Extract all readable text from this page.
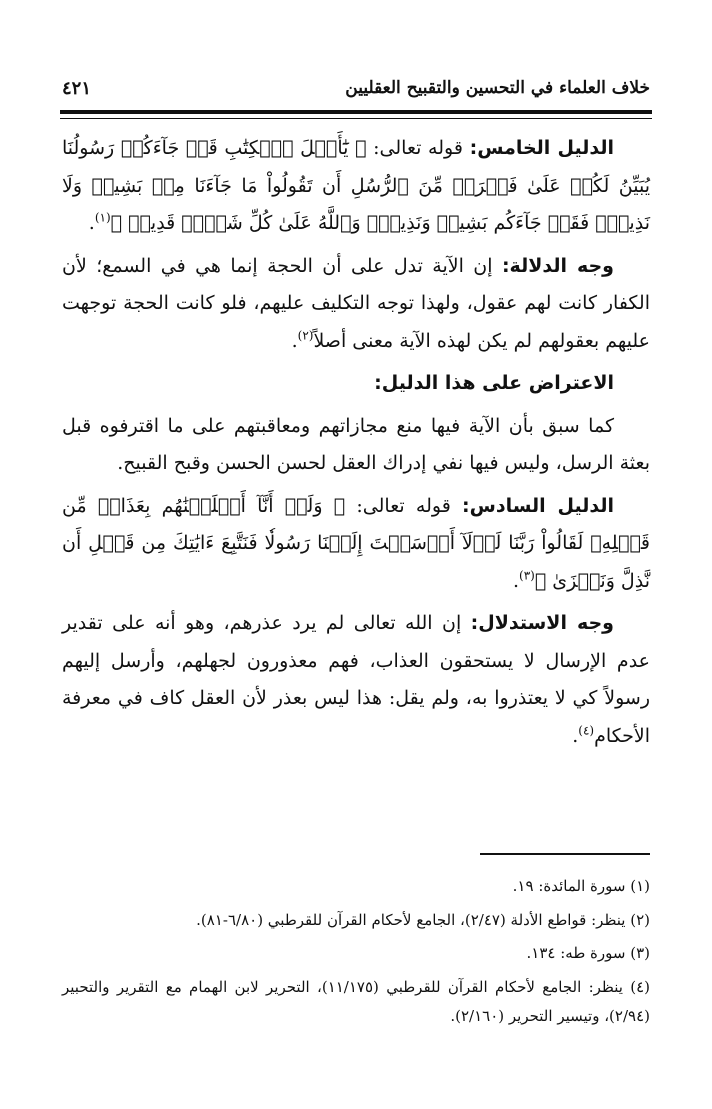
خلاف العلماء في التحسين والتقبيح العقليين
٤٢١

الدليل الخامس: قوله تعالى: ﴿ يَٰٓأَهۡلَ ٱلۡكِتَٰبِ قَدۡ جَآءَكُمۡ رَسُولُنَا يُبَيِّنُ لَكُمۡ عَلَىٰ فَتۡرَةٖ مِّنَ ٱلرُّسُلِ أَن تَقُولُواْ مَا جَآءَنَا مِنۢ بَشِيرٖ وَلَا نَذِيرٖۖ فَقَدۡ جَآءَكُم بَشِيرٞ وَنَذِيرٞۗ وَٱللَّهُ عَلَىٰ كُلِّ شَيۡءٖ قَدِيرٞ ﴾$^{(١)}$.

وجه الدلالة: إن الآية تدل على أن الحجة إنما هي في السمع؛ لأن الكفار كانت لهم عقول، ولهذا توجه التكليف عليهم، فلو كانت الحجة توجهت عليهم بعقولهم لم يكن لهذه الآية معنى أصلاً$^{(٢)}$.

الاعتراض على هذا الدليل:

كما سبق بأن الآية فيها منع مجازاتهم ومعاقبتهم على ما اقترفوه قبل بعثة الرسل، وليس فيها نفي إدراك العقل لحسن الحسن وقبح القبيح.

الدليل السادس: قوله تعالى: ﴿ وَلَوۡ أَنَّآ أَهۡلَكۡنَٰهُم بِعَذَابٖ مِّن قَبۡلِهِۦ لَقَالُواْ رَبَّنَا لَوۡلَآ أَرۡسَلۡتَ إِلَيۡنَا رَسُولٗا فَنَتَّبِعَ ءَايَٰتِكَ مِن قَبۡلِ أَن نَّذِلَّ وَنَخۡزَىٰ ﴾$^{(٣)}$.

وجه الاستدلال: إن الله تعالى لم يرد عذرهم، وهو أنه على تقدير عدم الإرسال لا يستحقون العذاب، فهم معذورون لجهلهم، وأرسل إليهم رسولاً كي لا يعتذروا به، ولم يقل: هذا ليس بعذر لأن العقل كاف في معرفة الأحكام$^{(٤)}$.

(١) سورة المائدة: ١٩.

(٢) ينظر: قواطع الأدلة (٢/٤٧)، الجامع لأحكام القرآن للقرطبي (٦/٨٠-٨١).

(٣) سورة طه: ١٣٤.

(٤) ينظر: الجامع لأحكام القرآن للقرطبي (١١/١٧٥)، التحرير لابن الهمام مع التقرير والتحبير (٢/٩٤)، وتيسير التحرير (٢/١٦٠).
